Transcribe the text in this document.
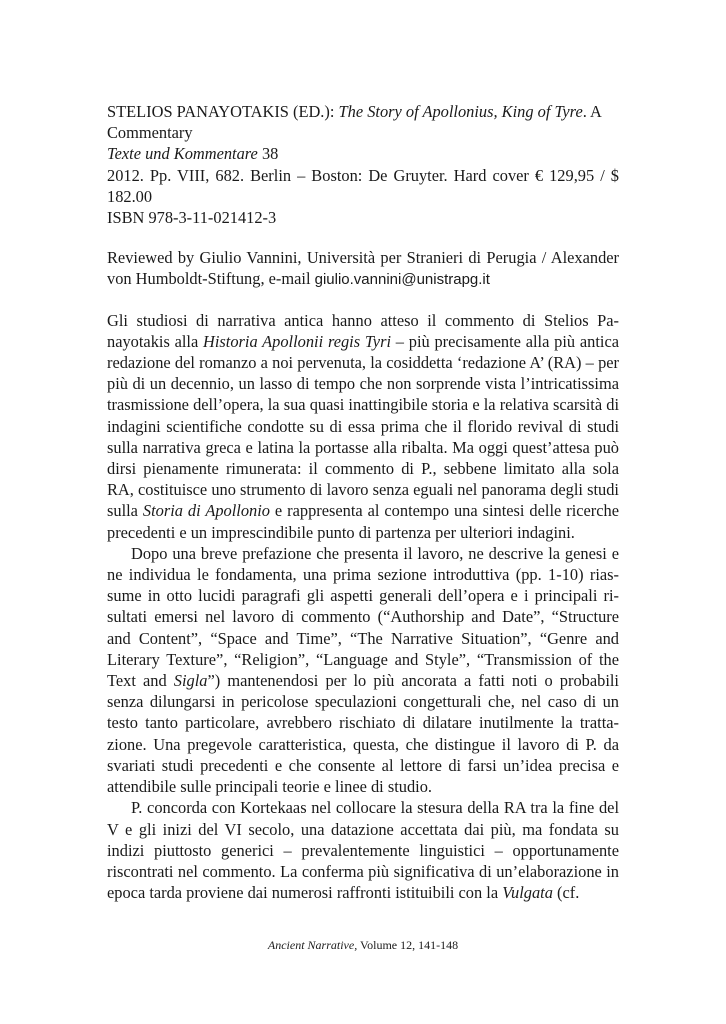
STELIOS PANAYOTAKIS (ED.): The Story of Apollonius, King of Tyre. A Commentary

Texte und Kommentare 38

2012. Pp. VIII, 682. Berlin – Boston: De Gruyter. Hard cover € 129,95 / $ 182.00

ISBN 978-3-11-021412-3

Reviewed by Giulio Vannini, Università per Stranieri di Perugia / Alexander von Humboldt-Stiftung, e-mail giulio.vannini@unistrapg.it

Gli studiosi di narrativa antica hanno atteso il commento di Stelios Panayotakis alla Historia Apollonii regis Tyri – più precisamente alla più antica redazione del romanzo a noi pervenuta, la cosiddetta ‘redazione A’ (RA) – per più di un decennio, un lasso di tempo che non sorprende vista l’intricatissima trasmissione dell’opera, la sua quasi inattingibile storia e la relativa scarsità di indagini scientifiche condotte su di essa prima che il florido revival di studi sulla narrativa greca e latina la portasse alla ribalta. Ma oggi quest’attesa può dirsi pienamente rimunerata: il commento di P., sebbene limitato alla sola RA, costituisce uno strumento di lavoro senza eguali nel panorama degli studi sulla Storia di Apollonio e rappresenta al contempo una sintesi delle ricerche precedenti e un imprescindibile punto di partenza per ulteriori indagini.

Dopo una breve prefazione che presenta il lavoro, ne descrive la genesi e ne individua le fondamenta, una prima sezione introduttiva (pp. 1-10) riassume in otto lucidi paragrafi gli aspetti generali dell’opera e i principali risultati emersi nel lavoro di commento (“Authorship and Date”, “Structure and Content”, “Space and Time”, “The Narrative Situation”, “Genre and Literary Texture”, “Religion”, “Language and Style”, “Transmission of the Text and Sigla”) mantenendosi per lo più ancorata a fatti noti o probabili senza dilungarsi in pericolose speculazioni congetturali che, nel caso di un testo tanto particolare, avrebbero rischiato di dilatare inutilmente la trattazione. Una pregevole caratteristica, questa, che distingue il lavoro di P. da svariati studi precedenti e che consente al lettore di farsi un’idea precisa e attendibile sulle principali teorie e linee di studio.

P. concorda con Kortekaas nel collocare la stesura della RA tra la fine del V e gli inizi del VI secolo, una datazione accettata dai più, ma fondata su indizi piuttosto generici – prevalentemente linguistici – opportunamente riscontrati nel commento. La conferma più significativa di un’elaborazione in epoca tarda proviene dai numerosi raffronti istituibili con la Vulgata (cf.

Ancient Narrative, Volume 12, 141-148
